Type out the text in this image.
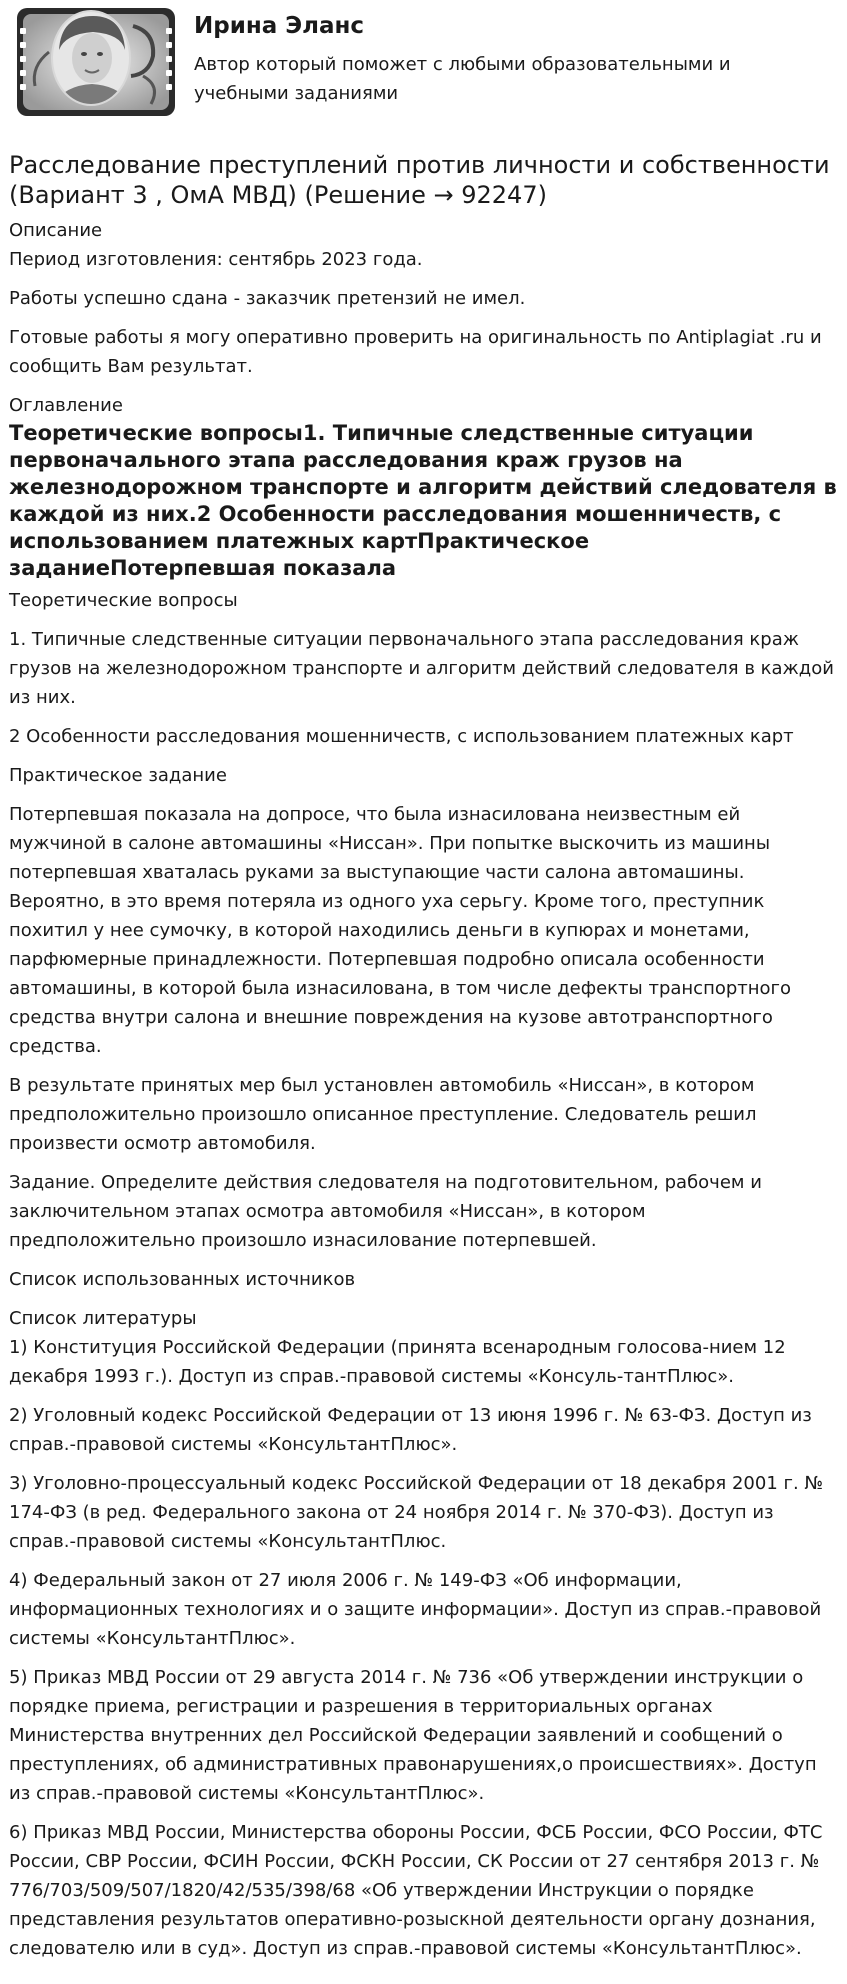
Ирина Эланс
Автор который поможет с любыми образовательными и учебными заданиями
Расследование преступлений против личности и собственности (Вариант 3 , ОмА МВД) (Решение → 92247)
Описание
Период изготовления: сентябрь 2023 года.
Работы успешно сдана - заказчик претензий не имел.
Готовые работы я могу оперативно проверить на оригинальность по Antiplagiat .ru и сообщить Вам результат.
Оглавление
Теоретические вопросы1. Типичные следственные ситуации первоначального этапа расследования краж грузов на железнодорожном транспорте и алгоритм действий следователя в каждой из них.2 Особенности расследования мошенничеств, с использованием платежных картПрактическое заданиеПотерпевшая показала
Теоретические вопросы
1. Типичные следственные ситуации первоначального этапа расследования краж грузов на железнодорожном транспорте и алгоритм действий следователя в каждой из них.
2 Особенности расследования мошенничеств, с использованием платежных карт
Практическое задание
Потерпевшая показала на допросе, что была изнасилована неизвестным ей мужчиной в салоне автомашины «Ниссан». При попытке выскочить из машины потерпевшая хваталась руками за выступающие части салона автомашины. Вероятно, в это время потеряла из одного уха серьгу. Кроме того, преступник похитил у нее сумочку, в которой находились деньги в купюрах и монетами, парфюмерные принадлежности. Потерпевшая подробно описала особенности автомашины, в которой была изнасилована, в том числе дефекты транспортного средства внутри салона и внешние повреждения на кузове автотранспортного средства.
В результате принятых мер был установлен автомобиль «Ниссан», в котором предположительно произошло описанное преступление. Следователь решил произвести осмотр автомобиля.
Задание. Определите действия следователя на подготовительном, рабочем и заключительном этапах осмотра автомобиля «Ниссан», в котором предположительно произошло изнасилование потерпевшей.
Список использованных источников
Список литературы
1) Конституция Российской Федерации (принята всенародным голосова-нием 12 декабря 1993 г.). Доступ из справ.-правовой системы «Консуль-тантПлюс».
2) Уголовный кодекс Российской Федерации от 13 июня 1996 г. № 63-ФЗ. Доступ из справ.-правовой системы «КонсультантПлюс».
3) Уголовно-процессуальный кодекс Российской Федерации от 18 декабря 2001 г. № 174-ФЗ (в ред. Федерального закона от 24 ноября 2014 г. № 370-ФЗ). Доступ из справ.-правовой системы «КонсультантПлюс.
4) Федеральный закон от 27 июля 2006 г. № 149-ФЗ «Об информации, информационных технологиях и о защите информации». Доступ из справ.-правовой системы «КонсультантПлюс».
5) Приказ МВД России от 29 августа 2014 г. № 736 «Об утверждении инструкции о порядке приема, регистрации и разрешения в территориальных органах Министерства внутренних дел Российской Федерации заявлений и сообщений о преступлениях, об административных правонарушениях,о происшествиях». Доступ из справ.-правовой системы «КонсультантПлюс».
6) Приказ МВД России, Министерства обороны России, ФСБ России, ФСО России, ФТС России, СВР России, ФСИН России, ФСКН России, СК России от 27 сентября 2013 г. № 776/703/509/507/1820/42/535/398/68 «Об утверждении Инструкции о порядке представления результатов оперативно-розыскной деятельности органу дознания, следователю или в суд». Доступ из справ.-правовой системы «КонсультантПлюс».
